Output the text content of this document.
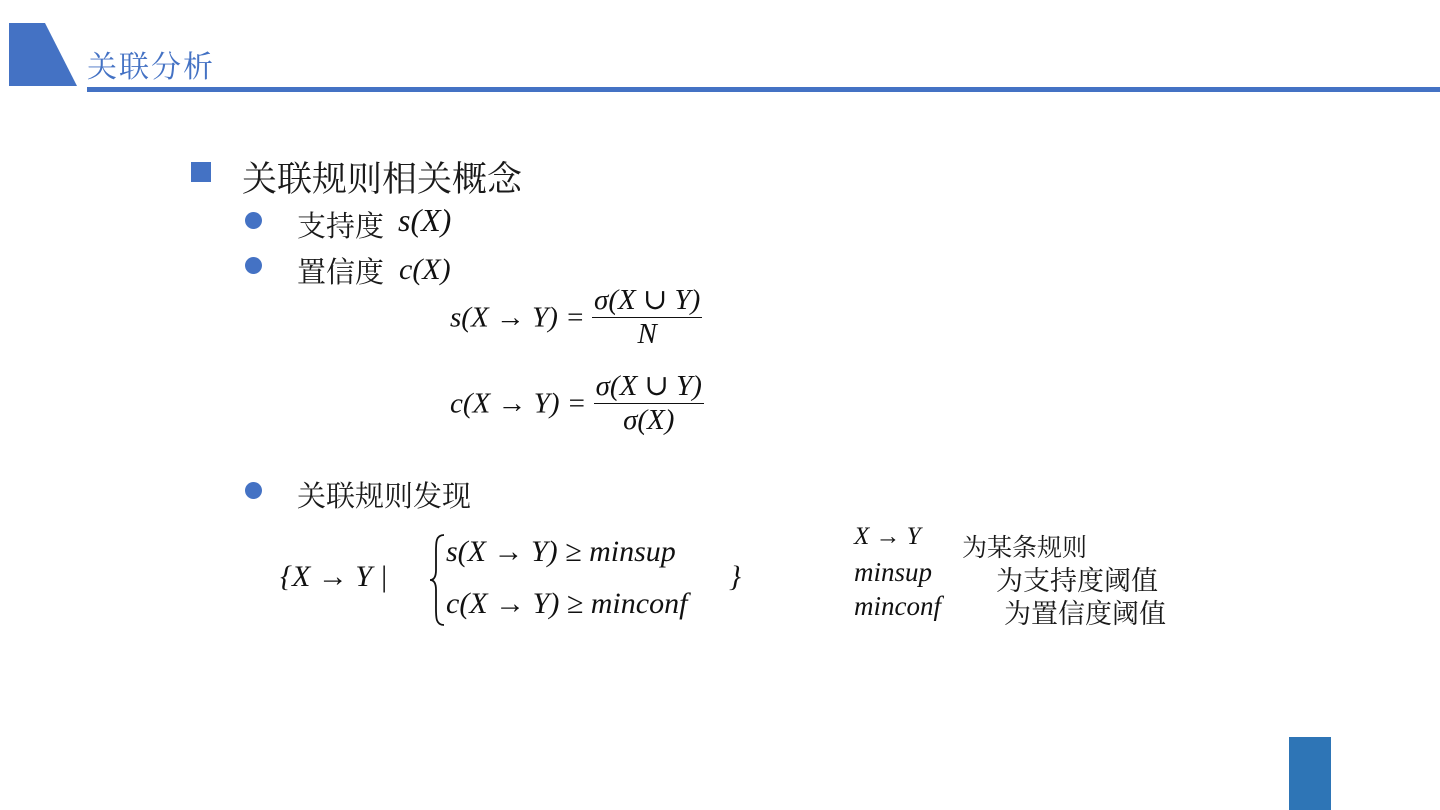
关联分析
关联规则相关概念
支持度 s(X)
置信度 c(X)
$s(X \to Y) = \frac{\sigma(X \cup Y)}{N}$
$c(X \to Y) = \frac{\sigma(X \cup Y)}{\sigma(X)}$
关联规则发现
{X → Y |
s(X → Y) ≥ minsup
c(X → Y) ≥ minconf
}
X → Y 为某条规则
minsup 为支持度阈值
minconf 为置信度阈值
